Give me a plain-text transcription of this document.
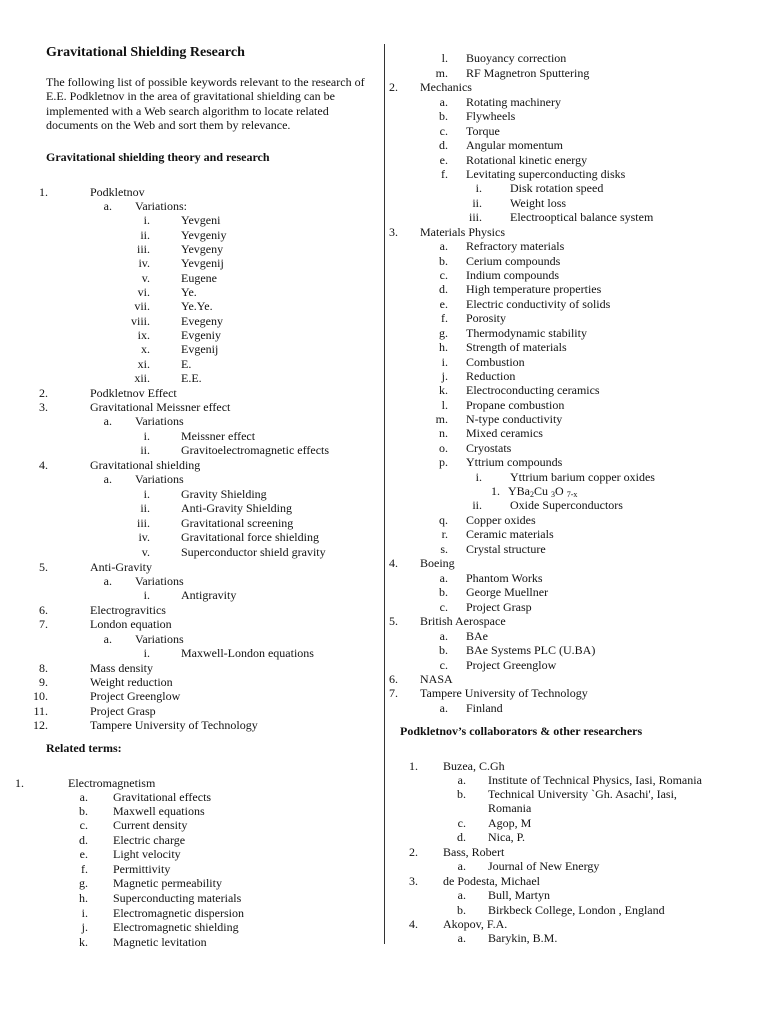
Gravitational Shielding Research
The following list of possible keywords relevant to the research of E.E. Podkletnov in the area of gravitational shielding can be implemented with a Web search algorithm to locate related documents on the Web and sort them by relevance.
Gravitational shielding theory and research
Related terms:
1.	Podkletnov
a. Variations:
i.	Yevgeni
ii.	Yevgeniy
iii.	Yevgeny
iv.	Yevgenij
v.	Eugene
vi.	Ye.
vii.	Ye.Ye.
viii.	Evegeny
ix.	Evgeniy
x.	Evgenij
xi.	E.
xii.	E.E.
2.	Podkletnov Effect
3.	Gravitational Meissner effect
a. Variations
i.	Meissner effect
ii.	Gravitoelectromagnetic effects
4.	Gravitational shielding
a. Variations
i.	Gravity Shielding
ii.	Anti-Gravity Shielding
iii.	Gravitational screening
iv.	Gravitational force shielding
v.	Superconductor shield gravity
5.	Anti-Gravity
a. Variations
i.	Antigravity
6.	Electrogravitics
7.	London equation
a. Variations
i.	Maxwell-London equations
8.	Mass density
9.	Weight reduction
10.	Project Greenglow
11.	Project Grasp
12.	Tampere University of Technology
1.	Electromagnetism
a. Gravitational effects
b. Maxwell equations
c. Current density
d. Electric charge
e. Light velocity
f. Permittivity
g. Magnetic permeability
h. Superconducting materials
i. Electromagnetic dispersion
j. Electromagnetic shielding
k. Magnetic levitation
l. Buoyancy correction
m. RF Magnetron Sputtering
2. Mechanics
a. Rotating machinery
b. Flywheels
c. Torque
d. Angular momentum
e. Rotational kinetic energy
f. Levitating superconducting disks
i. Disk rotation speed
ii. Weight loss
iii. Electrooptical balance system
3. Materials Physics
a. Refractory materials
b. Cerium compounds
c. Indium compounds
d. High temperature properties
e. Electric conductivity of solids
f. Porosity
g. Thermodynamic stability
h. Strength of materials
i. Combustion
j. Reduction
k. Electroconducting ceramics
l. Propane combustion
m. N-type conductivity
n. Mixed ceramics
o. Cryostats
p. Yttrium compounds
i. Yttrium barium copper oxides
ii. Oxide Superconductors
q. Copper oxides
r. Ceramic materials
s. Crystal structure
4. Boeing
a. Phantom Works
b. George Muellner
c. Project Grasp
5. British Aerospace
a. BAe
b. BAe Systems PLC (U.BA)
c. Project Greenglow
6. NASA
7. Tampere University of Technology
a. Finland
1. Buzea, C.Gh
a. Institute of Technical Physics, Iasi, Romania
b. Technical University `Gh. Asachi', Iasi,
Romania
c. Agop, M
d. Nica, P.
2. Bass, Robert
a. Journal of New Energy
3. de Podesta, Michael
a. Bull, Martyn
b. Birkbeck College, London , England
4. Akopov, F.A.
a. Barykin, B.M.
1. YBa$_2$Cu $_3$O $_{7-x}$
Podkletnov’s collaborators & other researchers
